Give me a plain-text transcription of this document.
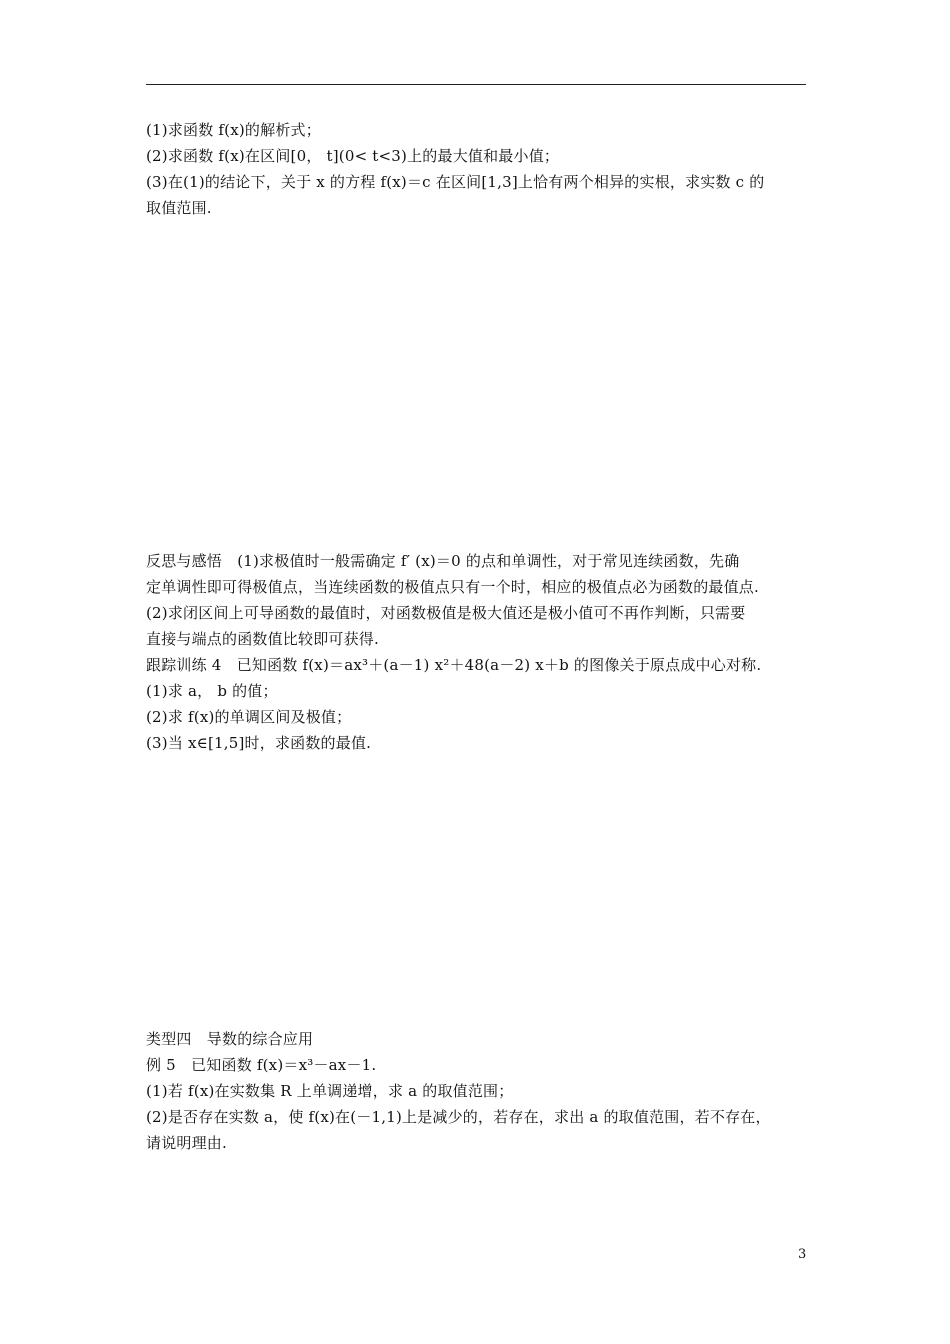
(1)求函数 f(x)的解析式；
(2)求函数 f(x)在区间[0， t](0< t<3)上的最大值和最小值；
(3)在(1)的结论下，关于 x 的方程 f(x)＝c 在区间[1,3]上恰有两个相异的实根，求实数 c 的
取值范围.
反思与感悟　(1)求极值时一般需确定 f′ (x)＝0 的点和单调性，对于常见连续函数，先确
定单调性即可得极值点，当连续函数的极值点只有一个时，相应的极值点必为函数的最值点.
(2)求闭区间上可导函数的最值时，对函数极值是极大值还是极小值可不再作判断，只需要
直接与端点的函数值比较即可获得.
跟踪训练 4　已知函数 f(x)＝ax³＋(a－1) x²＋48(a－2) x＋b 的图像关于原点成中心对称.
(1)求 a， b 的值；
(2)求 f(x)的单调区间及极值；
(3)当 x∈[1,5]时，求函数的最值.
类型四　导数的综合应用
例 5　已知函数 f(x)＝x³－ax－1.
(1)若 f(x)在实数集 R 上单调递增，求 a 的取值范围；
(2)是否存在实数 a，使 f(x)在(－1,1)上是减少的，若存在，求出 a 的取值范围，若不存在，
请说明理由.
3
